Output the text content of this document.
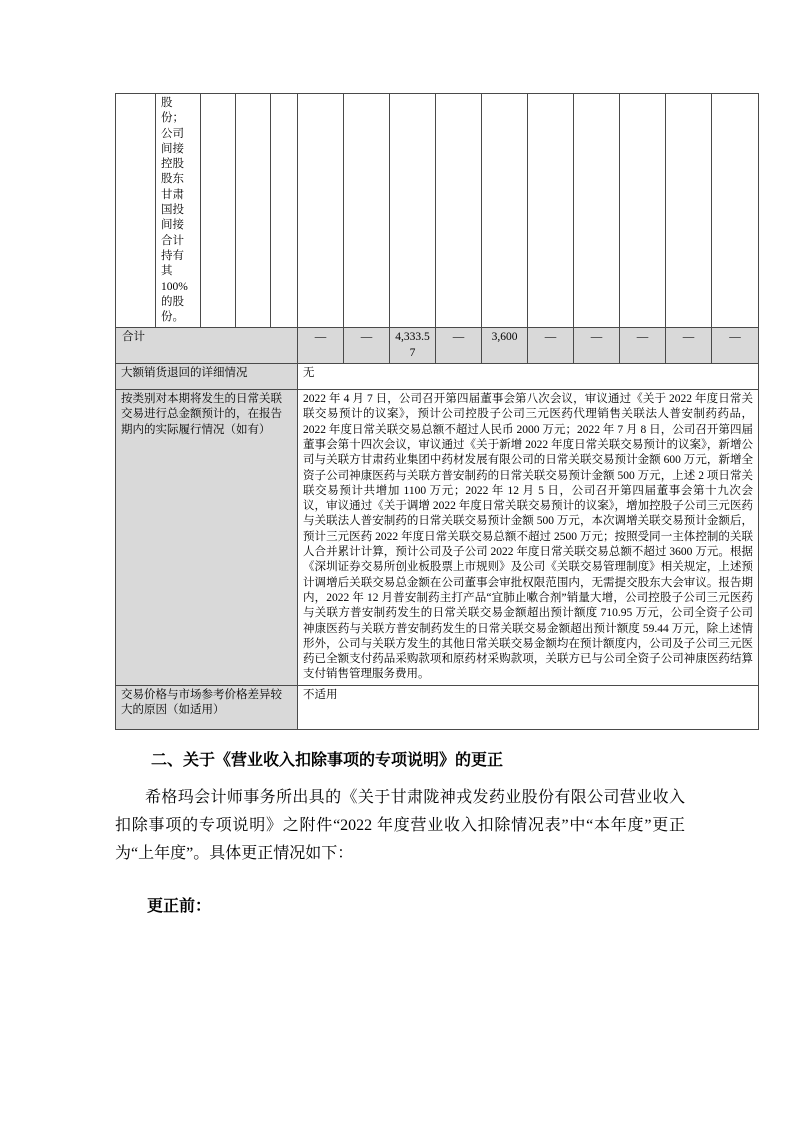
	股份；公司间接控股股东甘肃国投间接合计持有其100%的股份。													
合计					—	—	4,333.57	—	3,600	—	—	—	—	—
大额销货退回的详细情况					无									
按类别对本期将发生的日常关联交易进行总金额预计的，在报告期内的实际履行情况（如有）					2022 年 4 月 7 日，公司召开第四届董事会第八次会议，审议通过《关于 2022 年度日常关联交易预计的议案》，预计公司控股子公司三元医药代理销售关联法人普安制药药品，2022 年度日常关联交易总额不超过人民币 2000 万元；2022 年 7 月 8 日，公司召开第四届董事会第十四次会议，审议通过《关于新增 2022 年度日常关联交易预计的议案》，新增公司与关联方甘肃药业集团中药材发展有限公司的日常关联交易预计金额 600 万元，新增全资子公司神康医药与关联方普安制药的日常关联交易预计金额 500 万元，上述 2 项日常关联交易预计共增加 1100 万元；2022 年 12 月 5 日，公司召开第四届董事会第十九次会议，审议通过《关于调增 2022 年度日常关联交易预计的议案》，增加控股子公司三元医药与关联法人普安制药的日常关联交易预计金额 500 万元，本次调增关联交易预计金额后，预计三元医药 2022 年度日常关联交易总额不超过 2500 万元；按照受同一主体控制的关联人合并累计计算，预计公司及子公司 2022 年度日常关联交易总额不超过 3600 万元。根据《深圳证券交易所创业板股票上市规则》及公司《关联交易管理制度》相关规定，上述预计调增后关联交易总金额在公司董事会审批权限范围内，无需提交股东大会审议。报告期内，2022 年 12 月普安制药主打产品“宜肺止嗽合剂”销量大增，公司控股子公司三元医药与关联方普安制药发生的日常关联交易金额超出预计额度 710.95 万元，公司全资子公司神康医药与关联方普安制药发生的日常关联交易金额超出预计额度 59.44 万元，除上述情形外，公司与关联方发生的其他日常关联交易金额均在预计额度内，公司及子公司三元医药已全额支付药品采购款项和原药材采购款项，关联方已与公司全资子公司神康医药结算支付销售管理服务费用。									
交易价格与市场参考价格差异较大的原因（如适用）					不适用									
二、关于《营业收入扣除事项的专项说明》的更正

希格玛会计师事务所出具的《关于甘肃陇神戎发药业股份有限公司营业收入扣除事项的专项说明》之附件“2022 年度营业收入扣除情况表”中“本年度”更正为“上年度”。具体更正情况如下：

更正前：
